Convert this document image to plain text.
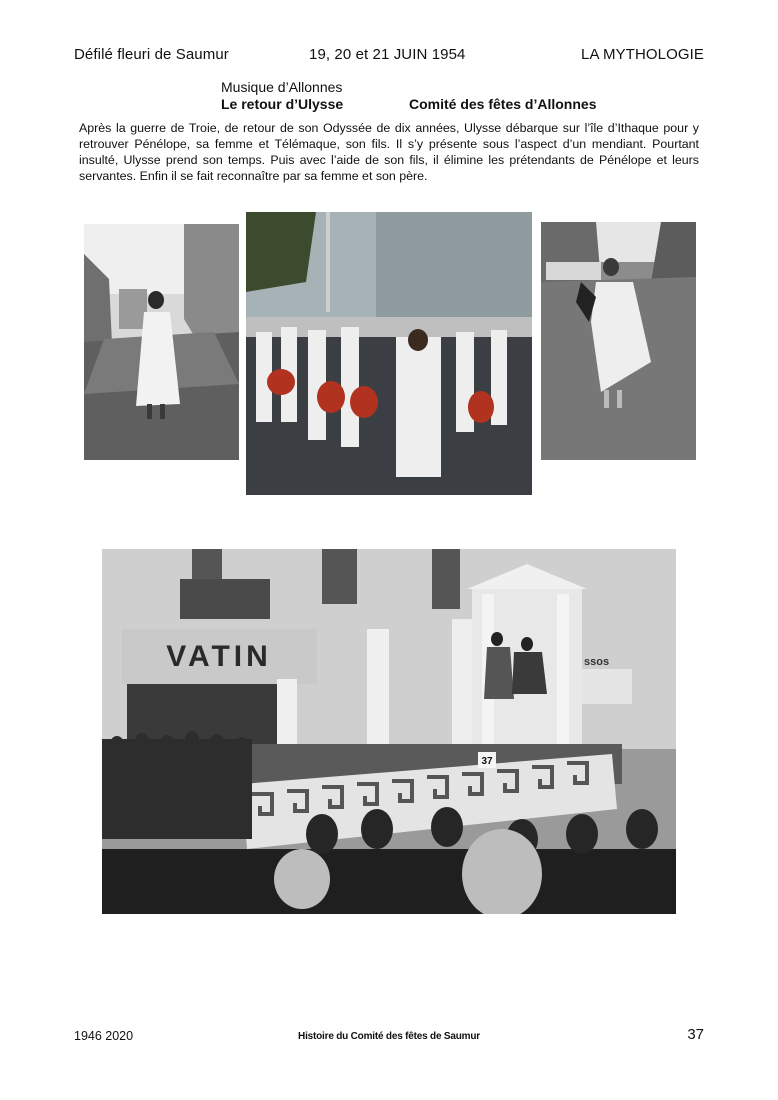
Défilé fleuri de Saumur	19, 20 et 21 JUIN 1954	LA MYTHOLOGIE
Musique d’Allonnes
Le retour d’Ulysse	Comité des fêtes d’Allonnes
Après la guerre de Troie, de retour de son Odyssée de dix années, Ulysse débarque sur l’île d’Ithaque pour y retrouver Pénélope, sa femme et Télémaque, son fils. Il s’y présente sous l’aspect d’un mendiant. Pourtant insulté, Ulysse prend son temps. Puis avec l’aide de son fils, il élimine les prétendants de Pénélope et leurs servantes. Enfin il se fait reconnaître par sa femme et son père.
VATIN	ssos
37
1946 2020	Histoire du Comité des fêtes de Saumur	37
